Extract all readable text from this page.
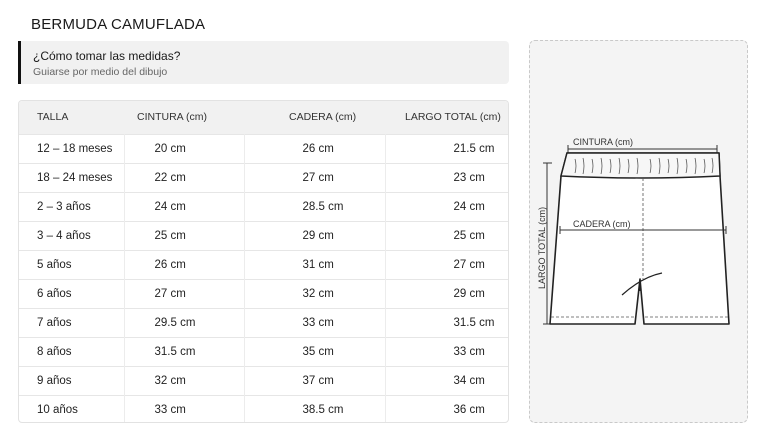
BERMUDA CAMUFLADA
¿Cómo tomar las medidas?
Guiarse por medio del dibujo
TALLA	CINTURA (cm)	CADERA (cm)	LARGO TOTAL (cm)
12 – 18 meses	20 cm	26 cm	21.5 cm
18 – 24 meses	22 cm	27 cm	23 cm
2 – 3 años	24 cm	28.5 cm	24 cm
3 – 4 años	25 cm	29 cm	25 cm
5 años	26 cm	31 cm	27 cm
6 años	27 cm	32 cm	29 cm
7 años	29.5 cm	33 cm	31.5 cm
8 años	31.5 cm	35 cm	33 cm
9 años	32 cm	37 cm	34 cm
10 años	33 cm	38.5 cm	36 cm
CINTURA (cm)
LARGO TOTAL (cm)	CADERA (cm)
